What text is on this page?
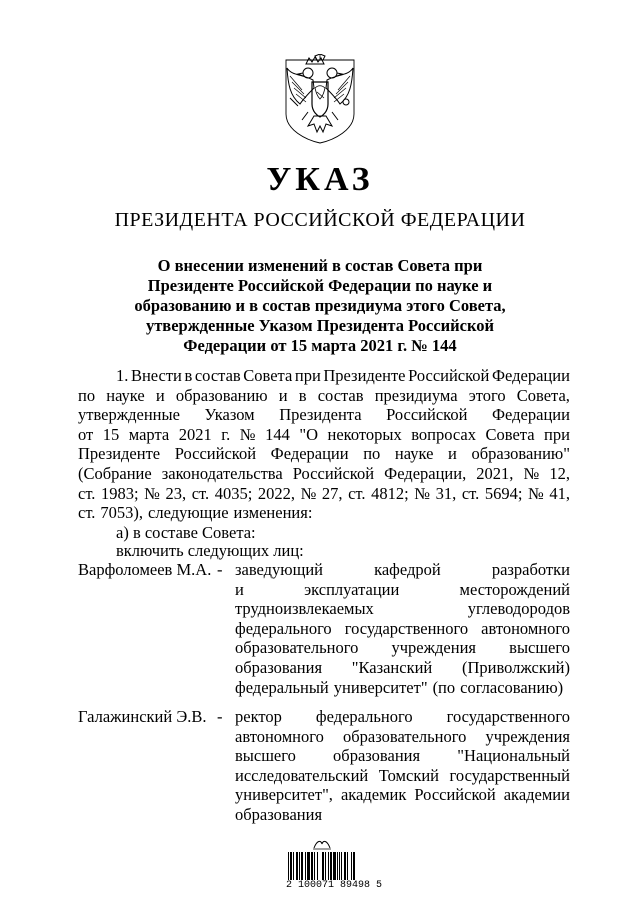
УКАЗ
ПРЕЗИДЕНТА РОССИЙСКОЙ ФЕДЕРАЦИИ
О внесении изменений в состав Совета при
Президенте Российской Федерации по науке и
образованию и в состав президиума этого Совета,
утвержденные Указом Президента Российской
Федерации от 15 марта 2021 г. № 144
1. Внести в состав Совета при Президенте Российской Федерации
по науке и образованию и в состав президиума этого Совета,
утвержденные Указом Президента Российской Федерации
от 15 марта 2021 г. № 144 "О некоторых вопросах Совета при
Президенте Российской Федерации по науке и образованию"
(Собрание законодательства Российской Федерации, 2021, № 12,
ст. 1983; № 23, ст. 4035; 2022, № 27, ст. 4812; № 31, ст. 5694; № 41,
ст. 7053), следующие изменения:
а) в составе Совета:
включить следующих лиц:
Варфоломеев М.А. - заведующий	кафедрой	разработки
и	эксплуатации	месторождений
трудноизвлекаемых	углеводородов
федерального государственного автономного
образовательного учреждения высшего
образования "Казанский (Приволжский)
федеральный университет" (по согласованию)
Галажинский Э.В. - ректор федерального государственного
автономного образовательного учреждения
высшего образования "Национальный
исследовательский Томский государственный
университет", академик Российской академии
образования
2 100071 89498 5
